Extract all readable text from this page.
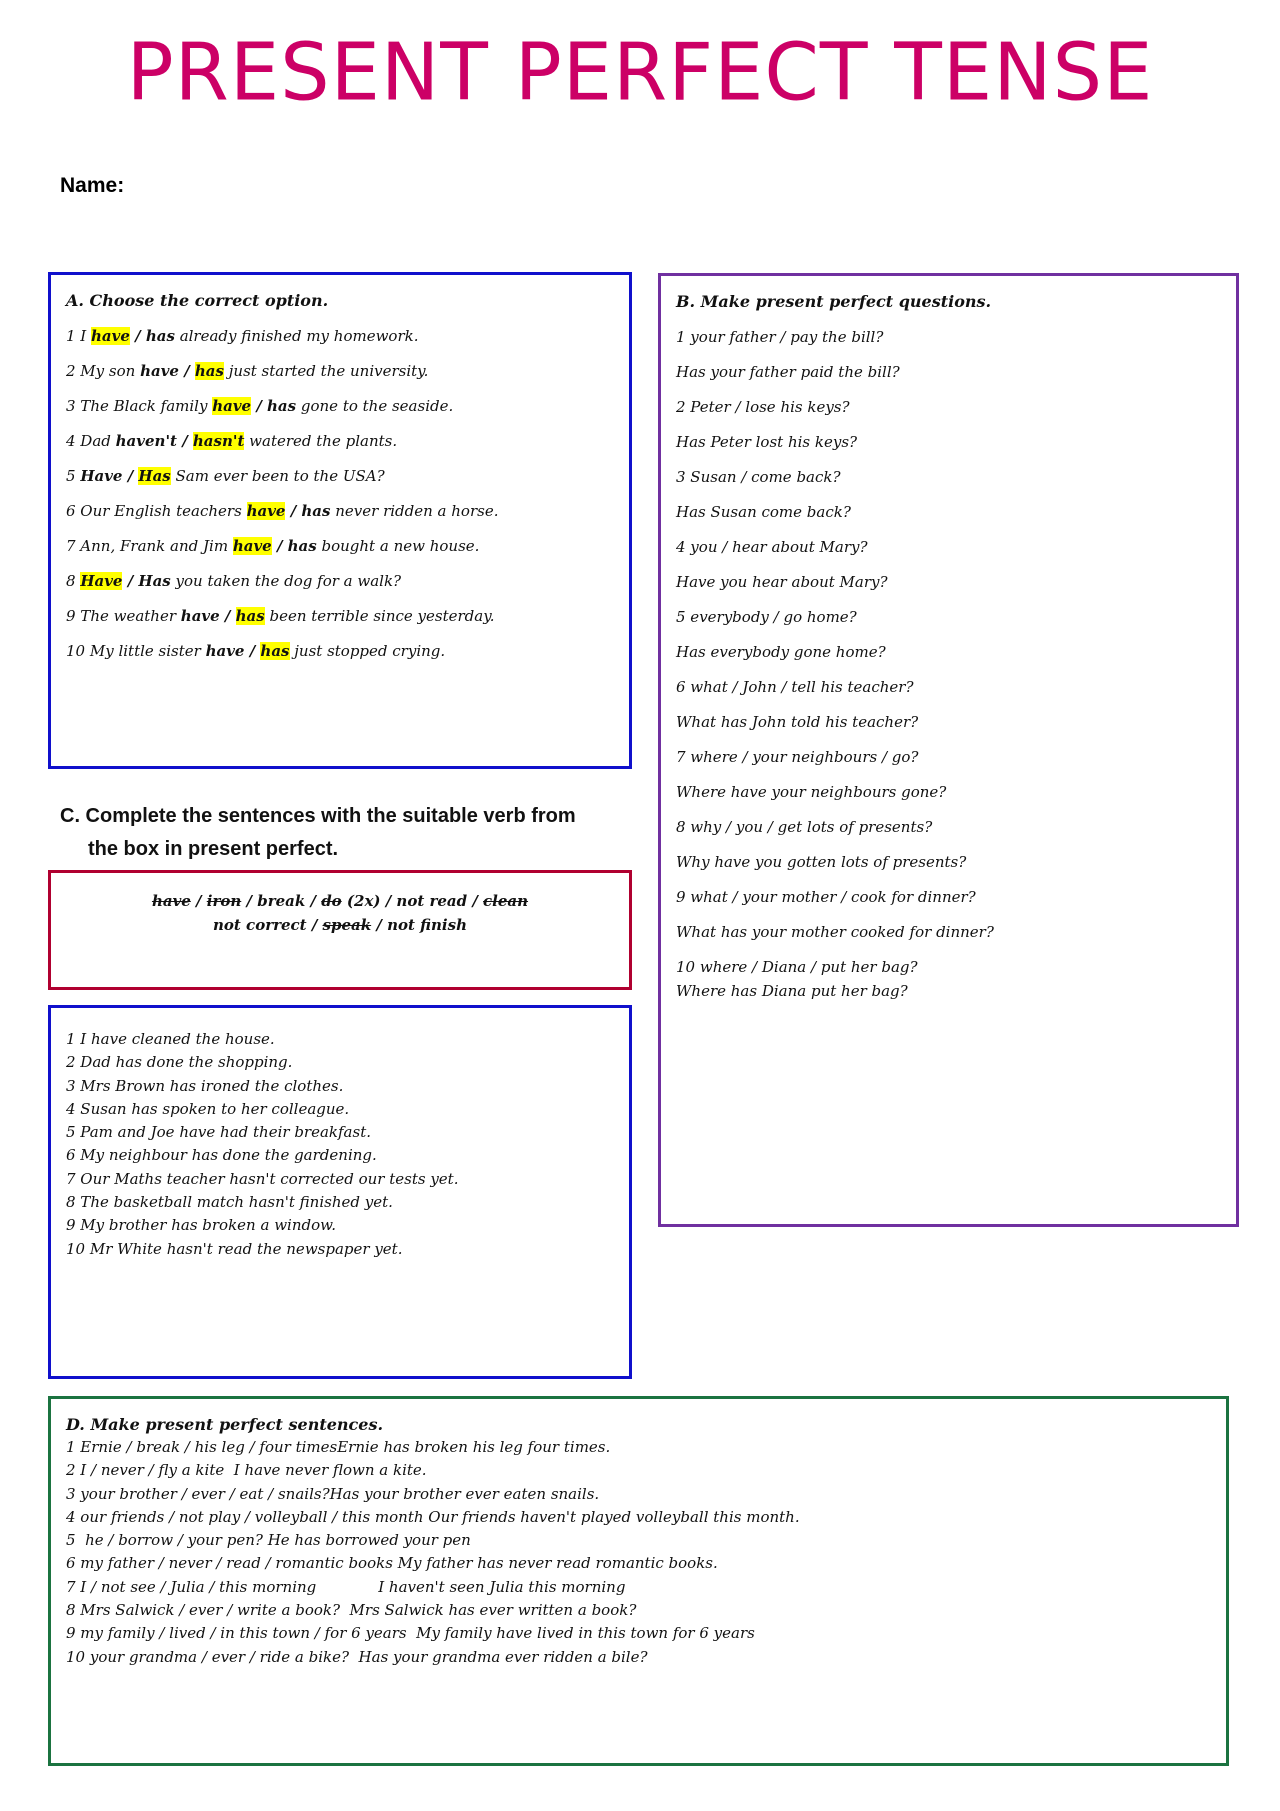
PRESENT PERFECT TENSE
Name:
A. Choose the correct option.
1 I have / has already finished my homework.
2 My son have / has just started the university.
3 The Black family have / has gone to the seaside.
4 Dad haven't / hasn't watered the plants.
5 Have / Has Sam ever been to the USA?
6 Our English teachers have / has never ridden a horse.
7 Ann, Frank and Jim have / has bought a new house.
8 Have / Has you taken the dog for a walk?
9 The weather have / has been terrible since yesterday.
10 My little sister have / has just stopped crying.
B. Make present perfect questions.
1 your father / pay the bill?
Has your father paid the bill?
2 Peter / lose his keys?
Has Peter lost his keys?
3 Susan / come back?
Has Susan come back?
4 you / hear about Mary?
Have you hear about Mary?
5 everybody / go home?
Has everybody gone home?
6 what / John / tell his teacher?
What has John told his teacher?
7 where / your neighbours / go?
Where have your neighbours gone?
8 why / you / get lots of presents?
Why have you gotten lots of presents?
9 what / your mother / cook for dinner?
What has your mother cooked for dinner?
10 where / Diana / put her bag?
Where has Diana put her bag?
C. Complete the sentences with the suitable verb from
the box in present perfect.
have / iron / break / do (2x) / not read / clean
not correct / speak / not finish
1 I have cleaned the house.
2 Dad has done the shopping.
3 Mrs Brown has ironed the clothes.
4 Susan has spoken to her colleague.
5 Pam and Joe have had their breakfast.
6 My neighbour has done the gardening.
7 Our Maths teacher hasn't corrected our tests yet.
8 The basketball match hasn't finished yet.
9 My brother has broken a window.
10 Mr White hasn't read the newspaper yet.
D. Make present perfect sentences.
1 Ernie / break / his leg / four timesErnie has broken his leg four times.
2 I / never / fly a kite  I have never flown a kite.
3 your brother / ever / eat / snails?Has your brother ever eaten snails.
4 our friends / not play / volleyball / this month Our friends haven't played volleyball this month.
5  he / borrow / your pen? He has borrowed your pen
6 my father / never / read / romantic books My father has never read romantic books.
7 I / not see / Julia / this morning             I haven't seen Julia this morning
8 Mrs Salwick / ever / write a book?  Mrs Salwick has ever written a book?
9 my family / lived / in this town / for 6 years  My family have lived in this town for 6 years
10 your grandma / ever / ride a bike?  Has your grandma ever ridden a bile?
